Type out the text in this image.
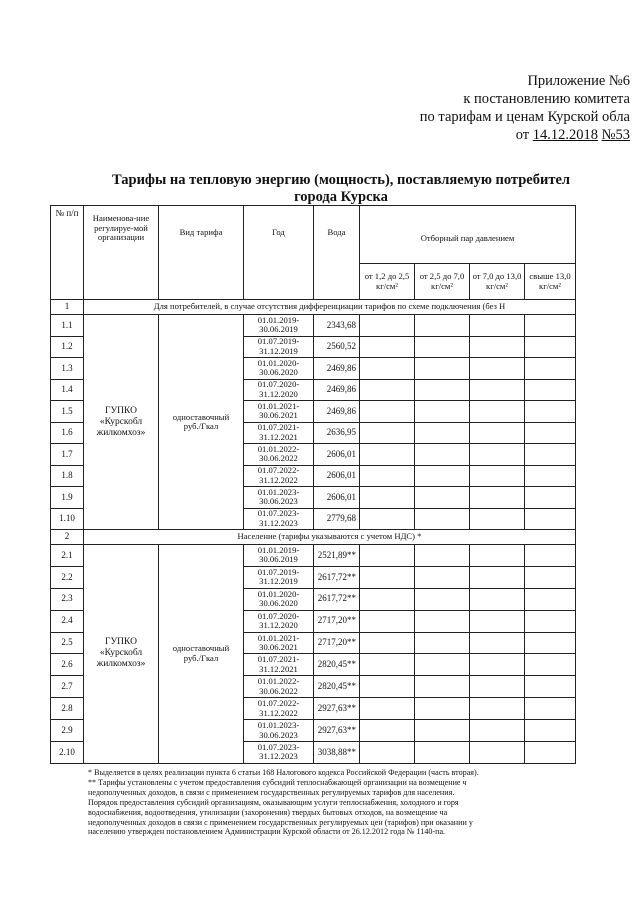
Приложение №6
к постановлению комитета
по тарифам и ценам Курской обла
от 14.12.2018 №53
Тарифы на тепловую энергию (мощность), поставляемую потребител
города Курска
№ п/п	Наименова-ние регулируе-мой организации	Вид тарифа	Год	Вода	Отборный пар давлением			
					от 1,2 до 2,5 кг/см²	от 2,5 до 7,0 кг/см²	от 7,0 до 13,0 кг/см²	свыше 13,0 кг/см²
1	Для потребителей, в случае отсутствия дифференциации тарифов по схеме подключения (без Н							
1.1	ГУПКО «Курскобл жилкомхоз»	одноставочный руб./Гкал	01.01.2019-30.06.2019	2343,68				
1.2			01.07.2019-31.12.2019	2560,52				
1.3			01.01.2020-30.06.2020	2469,86				
1.4			01.07.2020-31.12.2020	2469,86				
1.5			01.01.2021-30.06.2021	2469,86				
1.6			01.07.2021-31.12.2021	2636,95				
1.7			01.01.2022-30.06.2022	2606,01				
1.8			01.07.2022-31.12.2022	2606,01				
1.9			01.01.2023-30.06.2023	2606,01				
1.10			01.07.2023-31.12.2023	2779,68				
2	Население (тарифы указываются с учетом НДС) *							
2.1	ГУПКО «Курскобл жилкомхоз»	одноставочный руб./Гкал	01.01.2019-30.06.2019	2521,89**				
2.2			01.07.2019-31.12.2019	2617,72**				
2.3			01.01.2020-30.06.2020	2617,72**				
2.4			01.07.2020-31.12.2020	2717,20**				
2.5			01.01.2021-30.06.2021	2717,20**				
2.6			01.07.2021-31.12.2021	2820,45**				
2.7			01.01.2022-30.06.2022	2820,45**				
2.8			01.07.2022-31.12.2022	2927,63**				
2.9			01.01.2023-30.06.2023	2927,63**				
2.10			01.07.2023-31.12.2023	3038,88**				
* Выделяется в целях реализации пункта 6 статьи 168 Налогового кодекса Российской Федерации (часть вторая).
** Тарифы установлены с учетом предоставления субсидий теплоснабжающей организации на возмещение ч
недополученных доходов, в связи с применением государственных регулируемых тарифов для населения.
Порядок предоставления субсидий организациям, оказывающим услуги теплоснабжения, холодного и горя
водоснабжения, водоотведения, утилизации (захоронения) твердых бытовых отходов, на возмещение ча
недополученных доходов в связи с применением государственных регулируемых цен (тарифов) при оказании у
населению утвержден постановлением Администрации Курской области от 26.12.2012 года № 1140-па.
